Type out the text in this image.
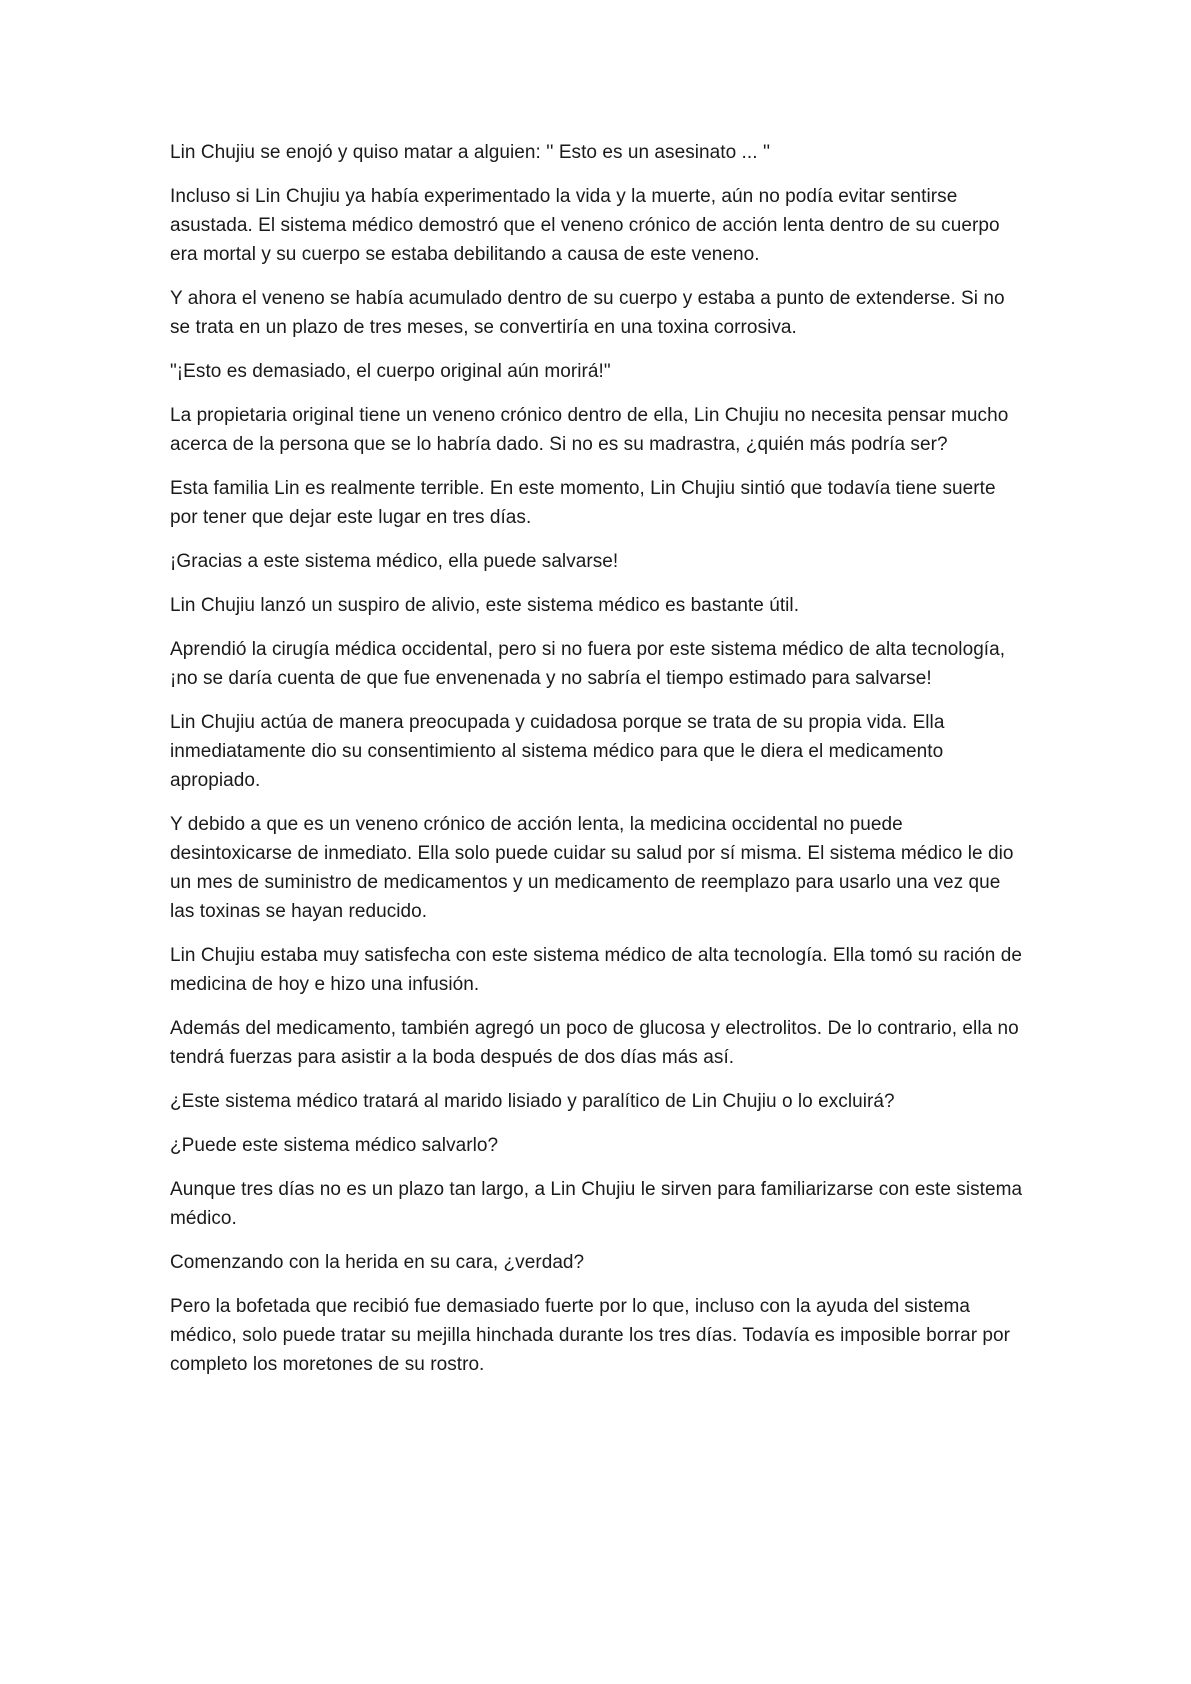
Lin Chujiu se enojó y quiso matar a alguien: '' Esto es un asesinato ... ''

Incluso si Lin Chujiu ya había experimentado la vida y la muerte, aún no podía evitar sentirse asustada. El sistema médico demostró que el veneno crónico de acción lenta dentro de su cuerpo era mortal y su cuerpo se estaba debilitando a causa de este veneno.

Y ahora el veneno se había acumulado dentro de su cuerpo y estaba a punto de extenderse. Si no se trata en un plazo de tres meses, se convertiría en una toxina corrosiva.

"¡Esto es demasiado, el cuerpo original aún morirá!"

La propietaria original tiene un veneno crónico dentro de ella, Lin Chujiu no necesita pensar mucho acerca de la persona que se lo habría dado. Si no es su madrastra, ¿quién más podría ser?

Esta familia Lin es realmente terrible. En este momento, Lin Chujiu sintió que todavía tiene suerte por tener que dejar este lugar en tres días.

¡Gracias a este sistema médico, ella puede salvarse!

Lin Chujiu lanzó un suspiro de alivio, este sistema médico es bastante útil.

Aprendió la cirugía médica occidental, pero si no fuera por este sistema médico de alta tecnología, ¡no se daría cuenta de que fue envenenada y no sabría el tiempo estimado para salvarse!

Lin Chujiu actúa de manera preocupada y cuidadosa porque se trata de su propia vida. Ella inmediatamente dio su consentimiento al sistema médico para que le diera el medicamento apropiado.

Y debido a que es un veneno crónico de acción lenta, la medicina occidental no puede desintoxicarse de inmediato. Ella solo puede cuidar su salud por sí misma. El sistema médico le dio un mes de suministro de medicamentos y un medicamento de reemplazo para usarlo una vez que las toxinas se hayan reducido.

Lin Chujiu estaba muy satisfecha con este sistema médico de alta tecnología. Ella tomó su ración de medicina de hoy e hizo una infusión.

Además del medicamento, también agregó un poco de glucosa y electrolitos. De lo contrario, ella no tendrá fuerzas para asistir a la boda después de dos días más así.

¿Este sistema médico tratará al marido lisiado y paralítico de Lin Chujiu o lo excluirá?

¿Puede este sistema médico salvarlo?

Aunque tres días no es un plazo tan largo, a Lin Chujiu le sirven para familiarizarse con este sistema médico.

Comenzando con la herida en su cara, ¿verdad?

Pero la bofetada que recibió fue demasiado fuerte por lo que, incluso con la ayuda del sistema médico, solo puede tratar su mejilla hinchada durante los tres días. Todavía es imposible borrar por completo los moretones de su rostro.
